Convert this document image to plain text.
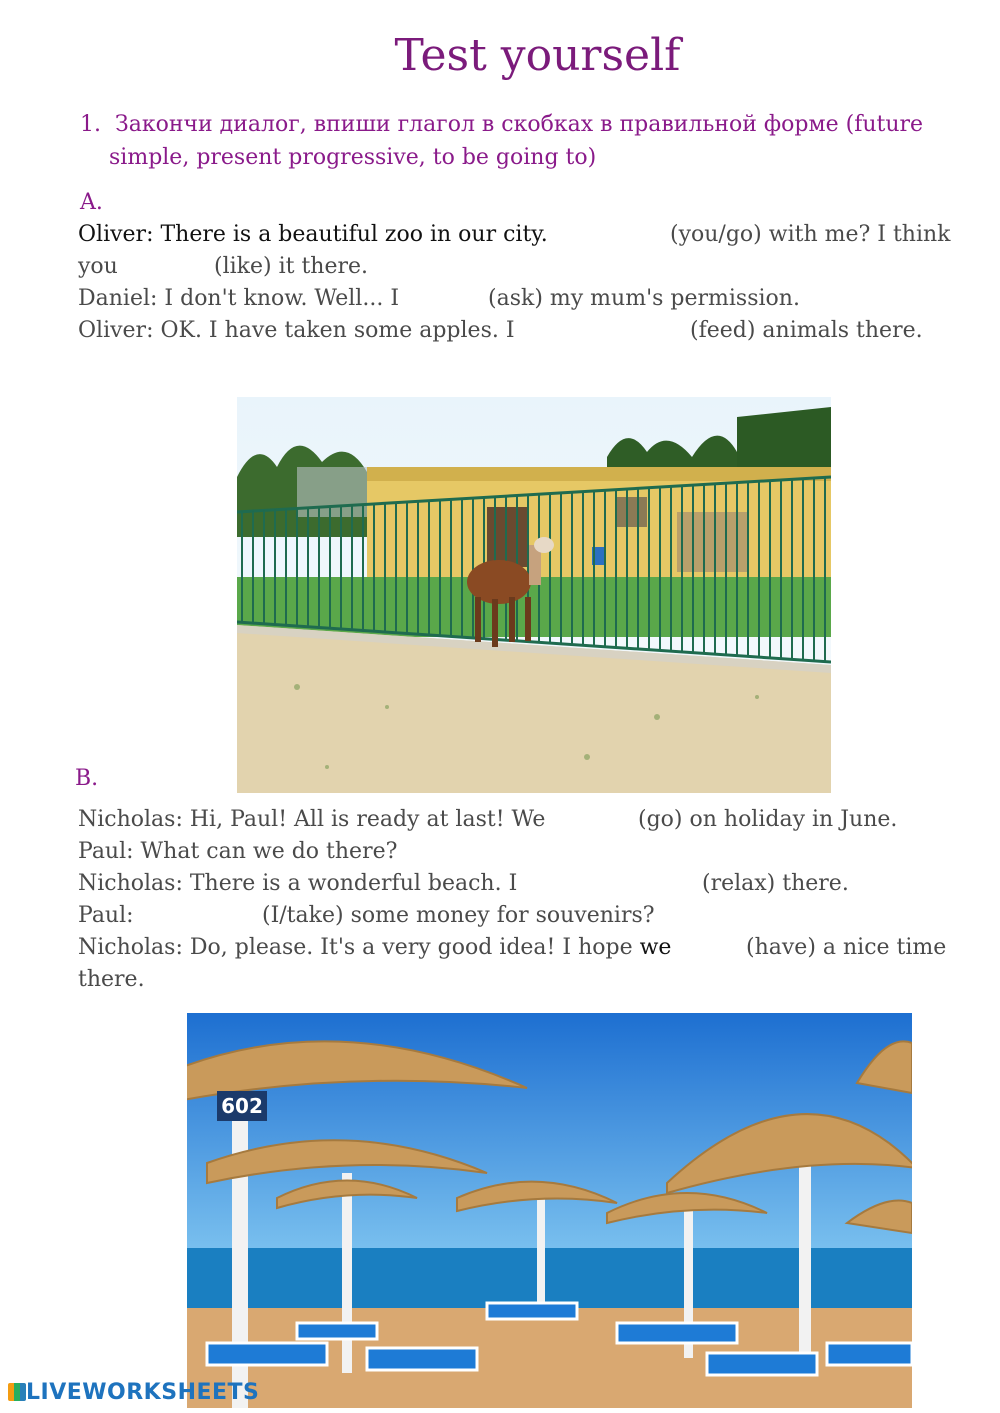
Test yourself
1. Закончи диалог, впиши глагол в скобках в правильной форме (future
simple, present progressive, to be going to)
A.
Oliver: There is a beautiful zoo in our city.	(you/go) with me? I think
you	(like) it there.
Daniel: I don't know. Well... I	(ask) my mum's permission.
Oliver: OK. I have taken some apples. I	(feed) animals there.
B.
Nicholas: Hi, Paul! All is ready at last! We	(go) on holiday in June.
Paul: What can we do there?
Nicholas: There is a wonderful beach. I	(relax) there.
Paul:	(I/take) some money for souvenirs?
Nicholas: Do, please. It's a very good idea! I hope we	(have) a nice time
there.
602
LIVEWORKSHEETS
